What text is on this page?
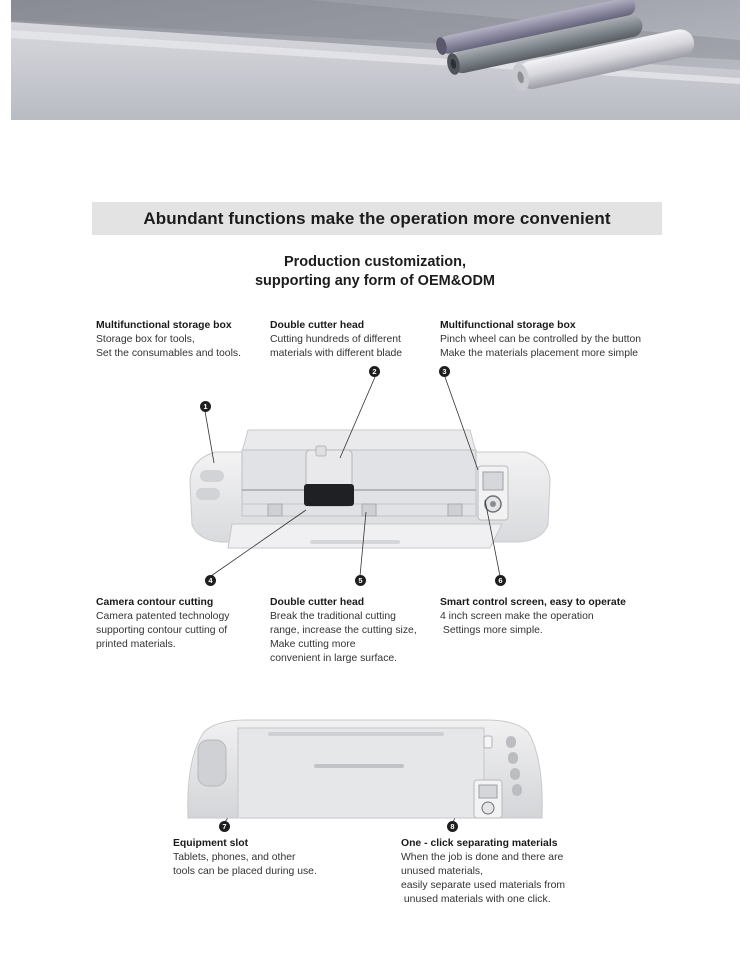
Abundant functions make the operation more convenient
Production customization,
supporting any form of OEM&ODM
Multifunctional storage box
Storage box for tools,
Set the consumables and tools.
Double cutter head
Cutting hundreds of different
materials with different blade
Multifunctional storage box
Pinch wheel can be controlled by the button
Make the materials placement more simple
1
2	3
4	5	6
7	8
Camera contour cutting
Camera patented technology
supporting contour cutting of
printed materials.
Double cutter head
Break the traditional cutting
range, increase the cutting size,
Make cutting more
convenient in large surface.
Smart control screen, easy to operate
4 inch screen make the operation
Settings more simple.
Equipment slot
Tablets, phones, and other
tools can be placed during use.
One - click separating materials
When the job is done and there are
unused materials,
easily separate used materials from
unused materials with one click.
